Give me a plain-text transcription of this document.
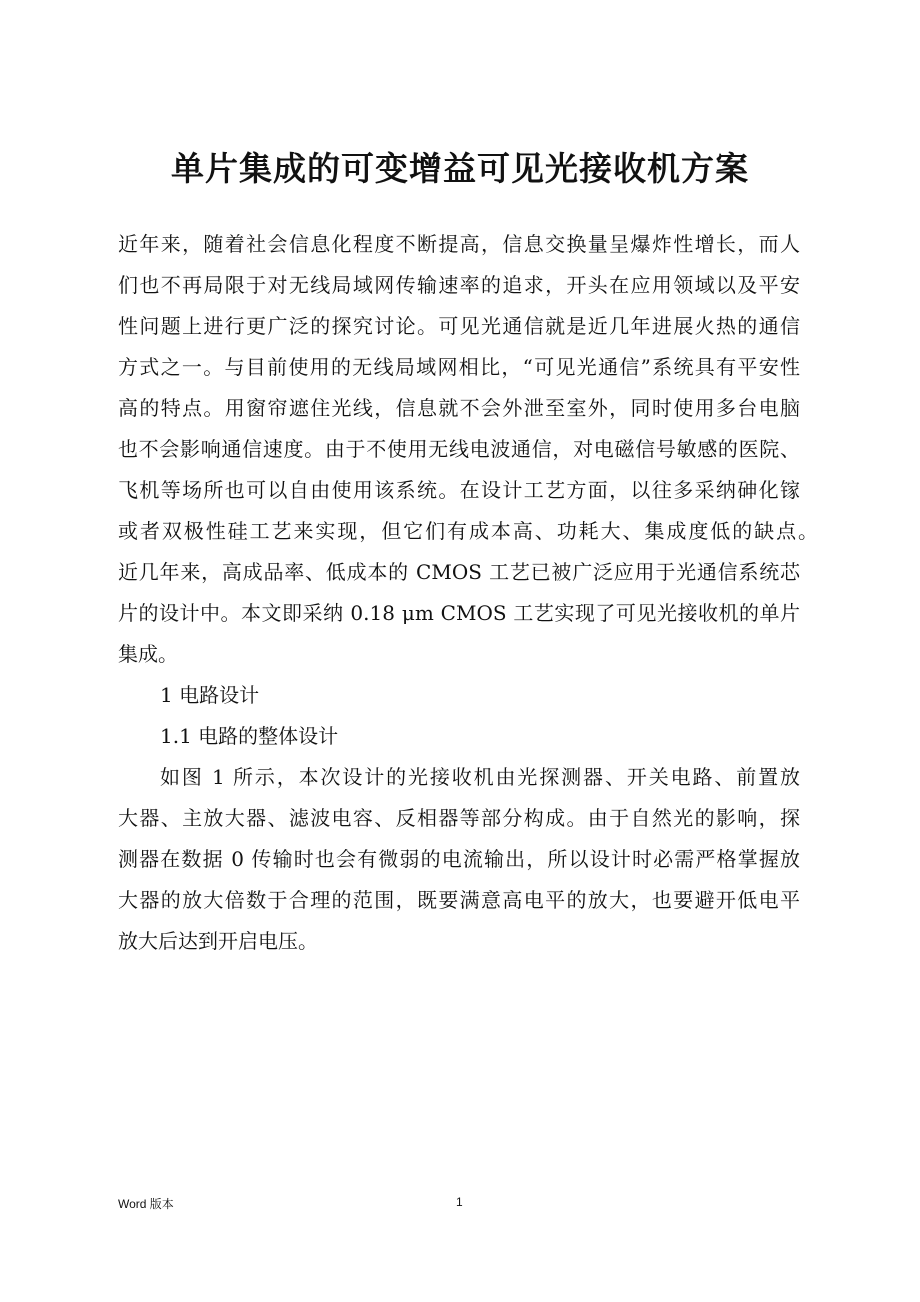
单片集成的可变增益可见光接收机方案
近年来，随着社会信息化程度不断提高，信息交换量呈爆炸性增长，而人
们也不再局限于对无线局域网传输速率的追求，开头在应用领域以及平安
性问题上进行更广泛的探究讨论。可见光通信就是近几年进展火热的通信
方式之一。与目前使用的无线局域网相比，“可见光通信”系统具有平安性
高的特点。用窗帘遮住光线，信息就不会外泄至室外，同时使用多台电脑
也不会影响通信速度。由于不使用无线电波通信，对电磁信号敏感的医院、
飞机等场所也可以自由使用该系统。在设计工艺方面，以往多采纳砷化镓
或者双极性硅工艺来实现，但它们有成本高、功耗大、集成度低的缺点。
近几年来，高成品率、低成本的 CMOS 工艺已被广泛应用于光通信系统芯
片的设计中。本文即采纳 0.18 μm CMOS 工艺实现了可见光接收机的单片
集成。
1 电路设计
1.1 电路的整体设计
如图 1 所示，本次设计的光接收机由光探测器、开关电路、前置放
大器、主放大器、滤波电容、反相器等部分构成。由于自然光的影响，探
测器在数据 0 传输时也会有微弱的电流输出，所以设计时必需严格掌握放
大器的放大倍数于合理的范围，既要满意高电平的放大，也要避开低电平
放大后达到开启电压。
Word 版本	1
